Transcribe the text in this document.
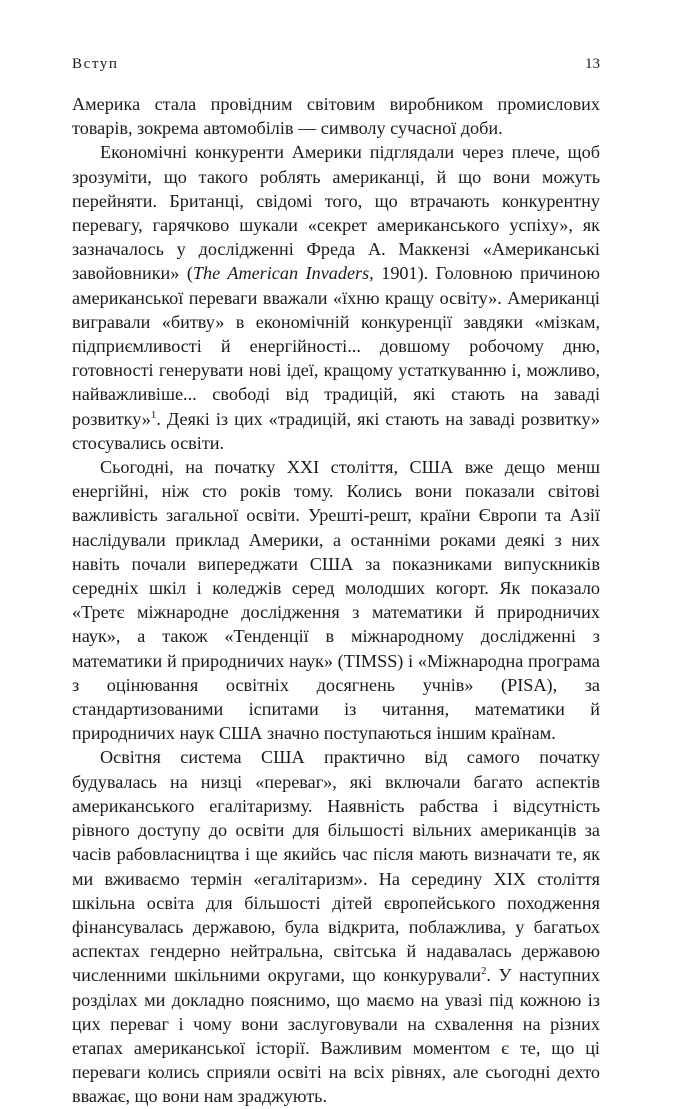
Вступ	13

Америка стала провідним світовим виробником промислових товарів, зокрема автомобілів — символу сучасної доби.

Економічні конкуренти Америки підглядали через плече, щоб зрозуміти, що такого роблять американці, й що вони можуть перейняти. Британці, свідомі того, що втрачають конкурентну перевагу, гарячково шукали «секрет американського успіху», як зазначалось у дослідженні Фреда А. Маккензі «Американські завойовники» (The American Invaders, 1901). Головною причиною американської переваги вважали «їхню кращу освіту». Американці вигравали «битву» в економічній конкуренції завдяки «мізкам, підприємливості й енергійності... довшому робочому дню, готовності генерувати нові ідеї, кращому устаткуванню і, можливо, найважливіше... свободі від традицій, які стають на заваді розвитку»$^1$. Деякі із цих «традицій, які стають на заваді розвитку» стосувались освіти.

Сьогодні, на початку XXI століття, США вже дещо менш енергійні, ніж сто років тому. Колись вони показали світові важливість загальної освіти. Урешті-решт, країни Європи та Азії наслідували приклад Америки, а останніми роками деякі з них навіть почали випереджати США за показниками випускників середніх шкіл і коледжів серед молодших когорт. Як показало «Третє міжнародне дослідження з математики й природничих наук», а також «Тенденції в міжнародному дослідженні з математики й природничих наук» (TIMSS) і «Міжнародна програма з оцінювання освітніх досягнень учнів» (PISA), за стандартизованими іспитами із читання, математики й природничих наук США значно поступаються іншим країнам.

Освітня система США практично від самого початку будувалась на низці «переваг», які включали багато аспектів американського егалітаризму. Наявність рабства і відсутність рівного доступу до освіти для більшості вільних американців за часів рабовласництва і ще якийсь час після мають визначати те, як ми вживаємо термін «егалітаризм». На середину XIX століття шкільна освіта для більшості дітей європейського походження фінансувалась державою, була відкрита, поблажлива, у багатьох аспектах гендерно нейтральна, світська й надавалась державою численними шкільними округами, що конкурували$^2$. У наступних розділах ми докладно пояснимо, що маємо на увазі під кожною із цих переваг і чому вони заслуговували на схвалення на різних етапах американської історії. Важливим моментом є те, що ці переваги колись сприяли освіті на всіх рівнях, але сьогодні дехто вважає, що вони нам зраджують.
